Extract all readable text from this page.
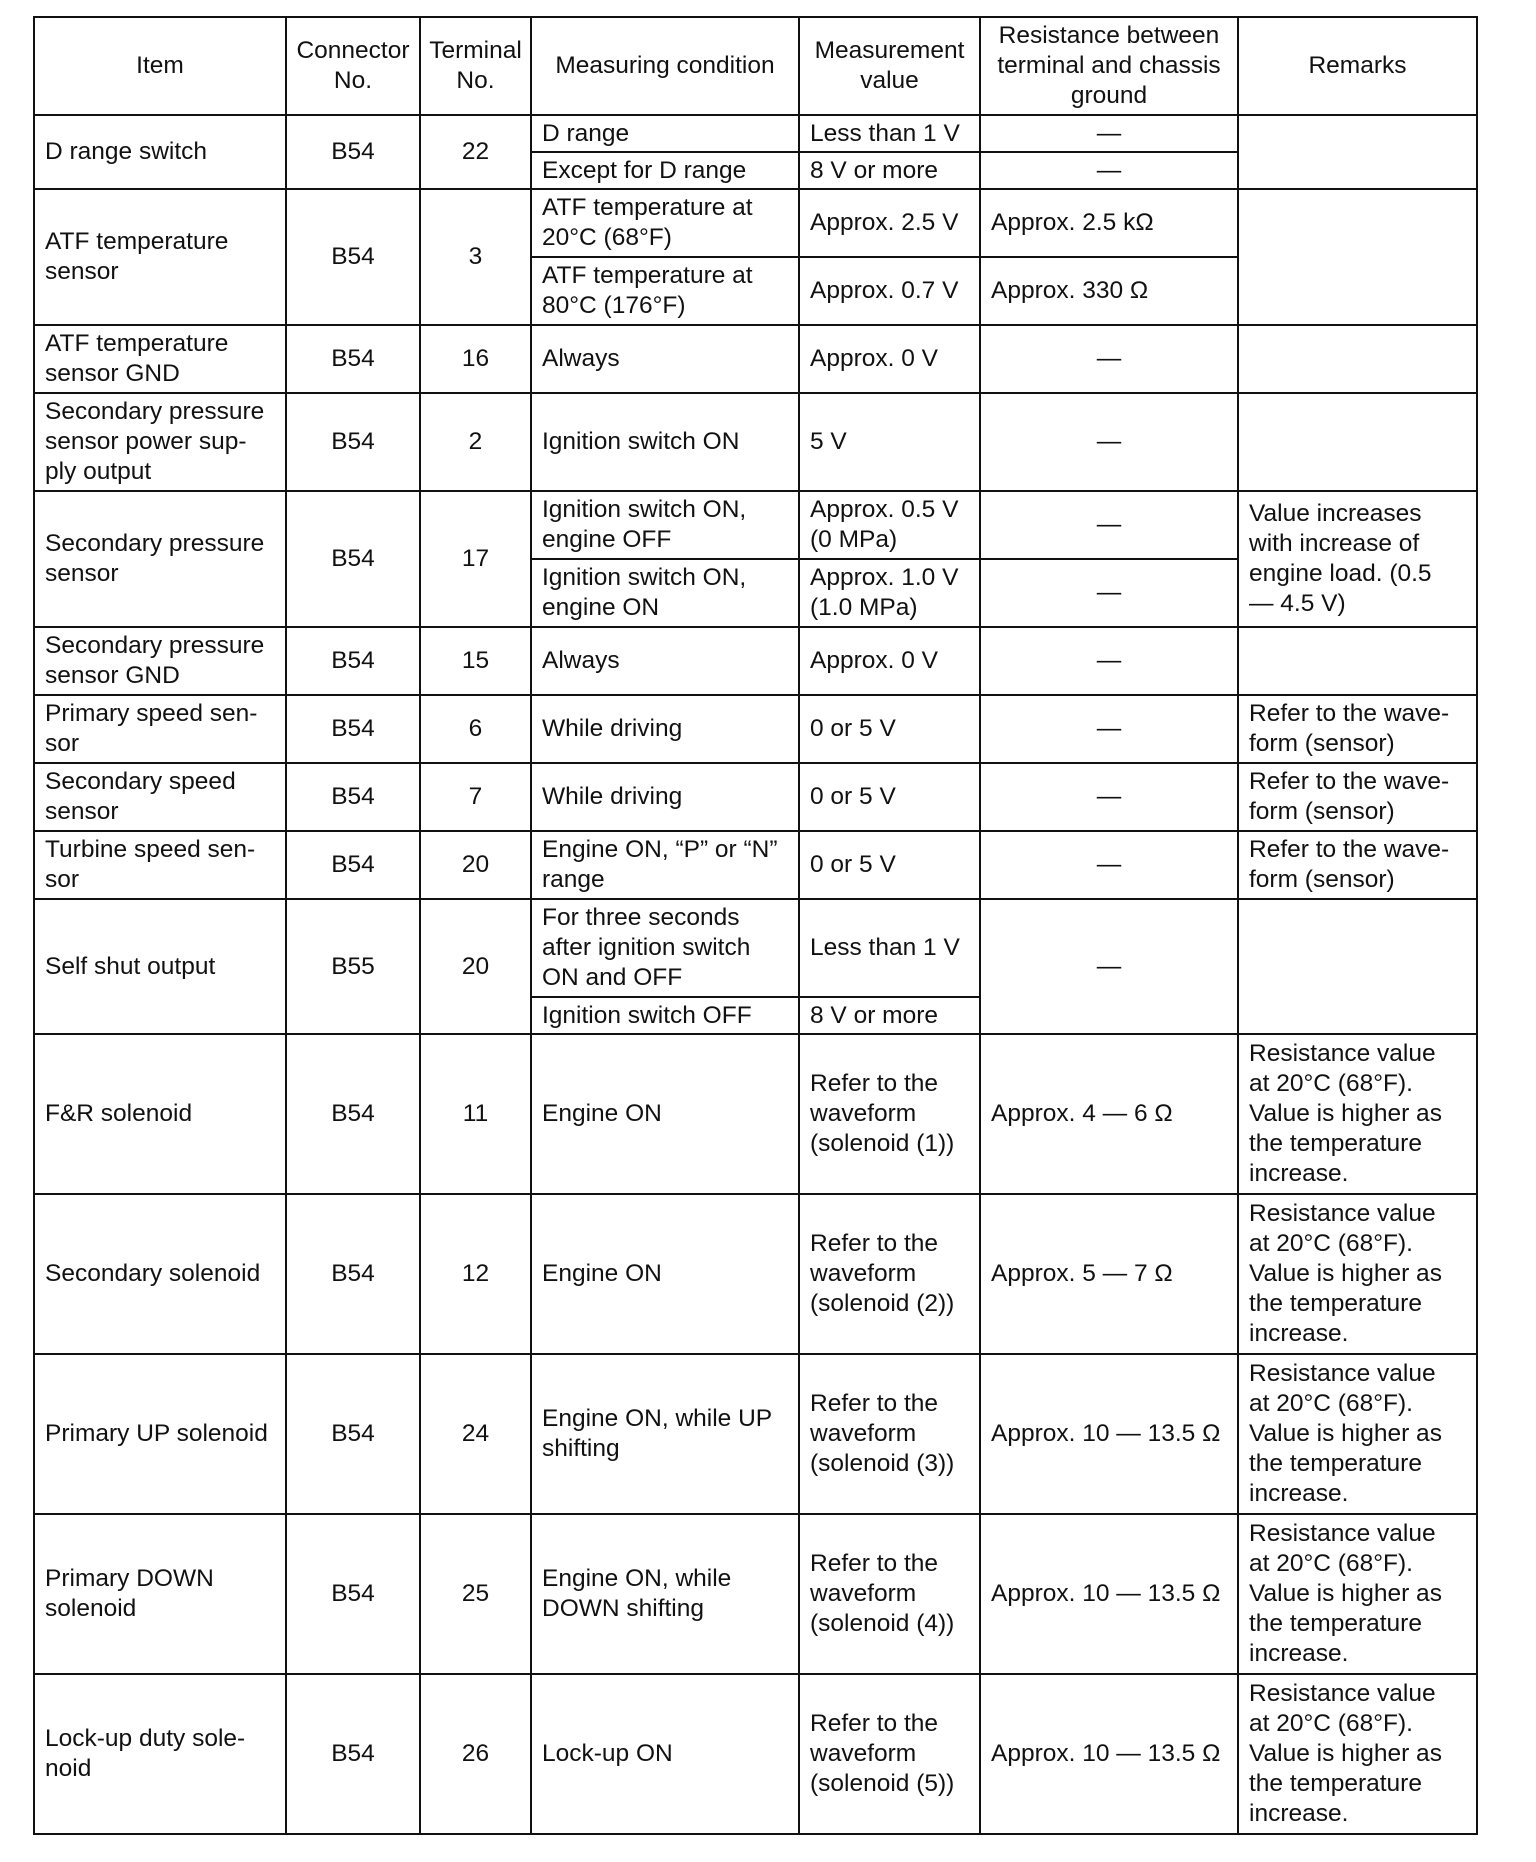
Item	Connector
No.	Terminal
No.	Measuring condition	Measurement
value	Resistance between
terminal and chassis
ground	Remarks
D range switch	B54	22	D range	Less than 1 V	—	
			Except for D range	8 V or more	—	
ATF temperature
sensor	B54	3	ATF temperature at
20°C (68°F)	Approx. 2.5 V	Approx. 2.5 kΩ	
			ATF temperature at
80°C (176°F)	Approx. 0.7 V	Approx. 330 Ω	
ATF temperature
sensor GND	B54	16	Always	Approx. 0 V	—	
Secondary pressure
sensor power sup-
ply output	B54	2	Ignition switch ON	5 V	—	
Secondary pressure
sensor	B54	17	Ignition switch ON,
engine OFF	Approx. 0.5 V
(0 MPa)	—	Value increases
with increase of
engine load. (0.5
— 4.5 V)
			Ignition switch ON,
engine ON	Approx. 1.0 V
(1.0 MPa)	—	
Secondary pressure
sensor GND	B54	15	Always	Approx. 0 V	—	
Primary speed sen-
sor	B54	6	While driving	0 or 5 V	—	Refer to the wave-
form (sensor)
Secondary speed
sensor	B54	7	While driving	0 or 5 V	—	Refer to the wave-
form (sensor)
Turbine speed sen-
sor	B54	20	Engine ON, “P” or “N”
range	0 or 5 V	—	Refer to the wave-
form (sensor)
Self shut output	B55	20	For three seconds
after ignition switch
ON and OFF	Less than 1 V	—	
			Ignition switch OFF	8 V or more		
F&R solenoid	B54	11	Engine ON	Refer to the
waveform
(solenoid (1))	Approx. 4 — 6 Ω	Resistance value
at 20°C (68°F).
Value is higher as
the temperature
increase.
Secondary solenoid	B54	12	Engine ON	Refer to the
waveform
(solenoid (2))	Approx. 5 — 7 Ω	Resistance value
at 20°C (68°F).
Value is higher as
the temperature
increase.
Primary UP solenoid	B54	24	Engine ON, while UP
shifting	Refer to the
waveform
(solenoid (3))	Approx. 10 — 13.5 Ω	Resistance value
at 20°C (68°F).
Value is higher as
the temperature
increase.
Primary DOWN
solenoid	B54	25	Engine ON, while
DOWN shifting	Refer to the
waveform
(solenoid (4))	Approx. 10 — 13.5 Ω	Resistance value
at 20°C (68°F).
Value is higher as
the temperature
increase.
Lock-up duty sole-
noid	B54	26	Lock-up ON	Refer to the
waveform
(solenoid (5))	Approx. 10 — 13.5 Ω	Resistance value
at 20°C (68°F).
Value is higher as
the temperature
increase.
